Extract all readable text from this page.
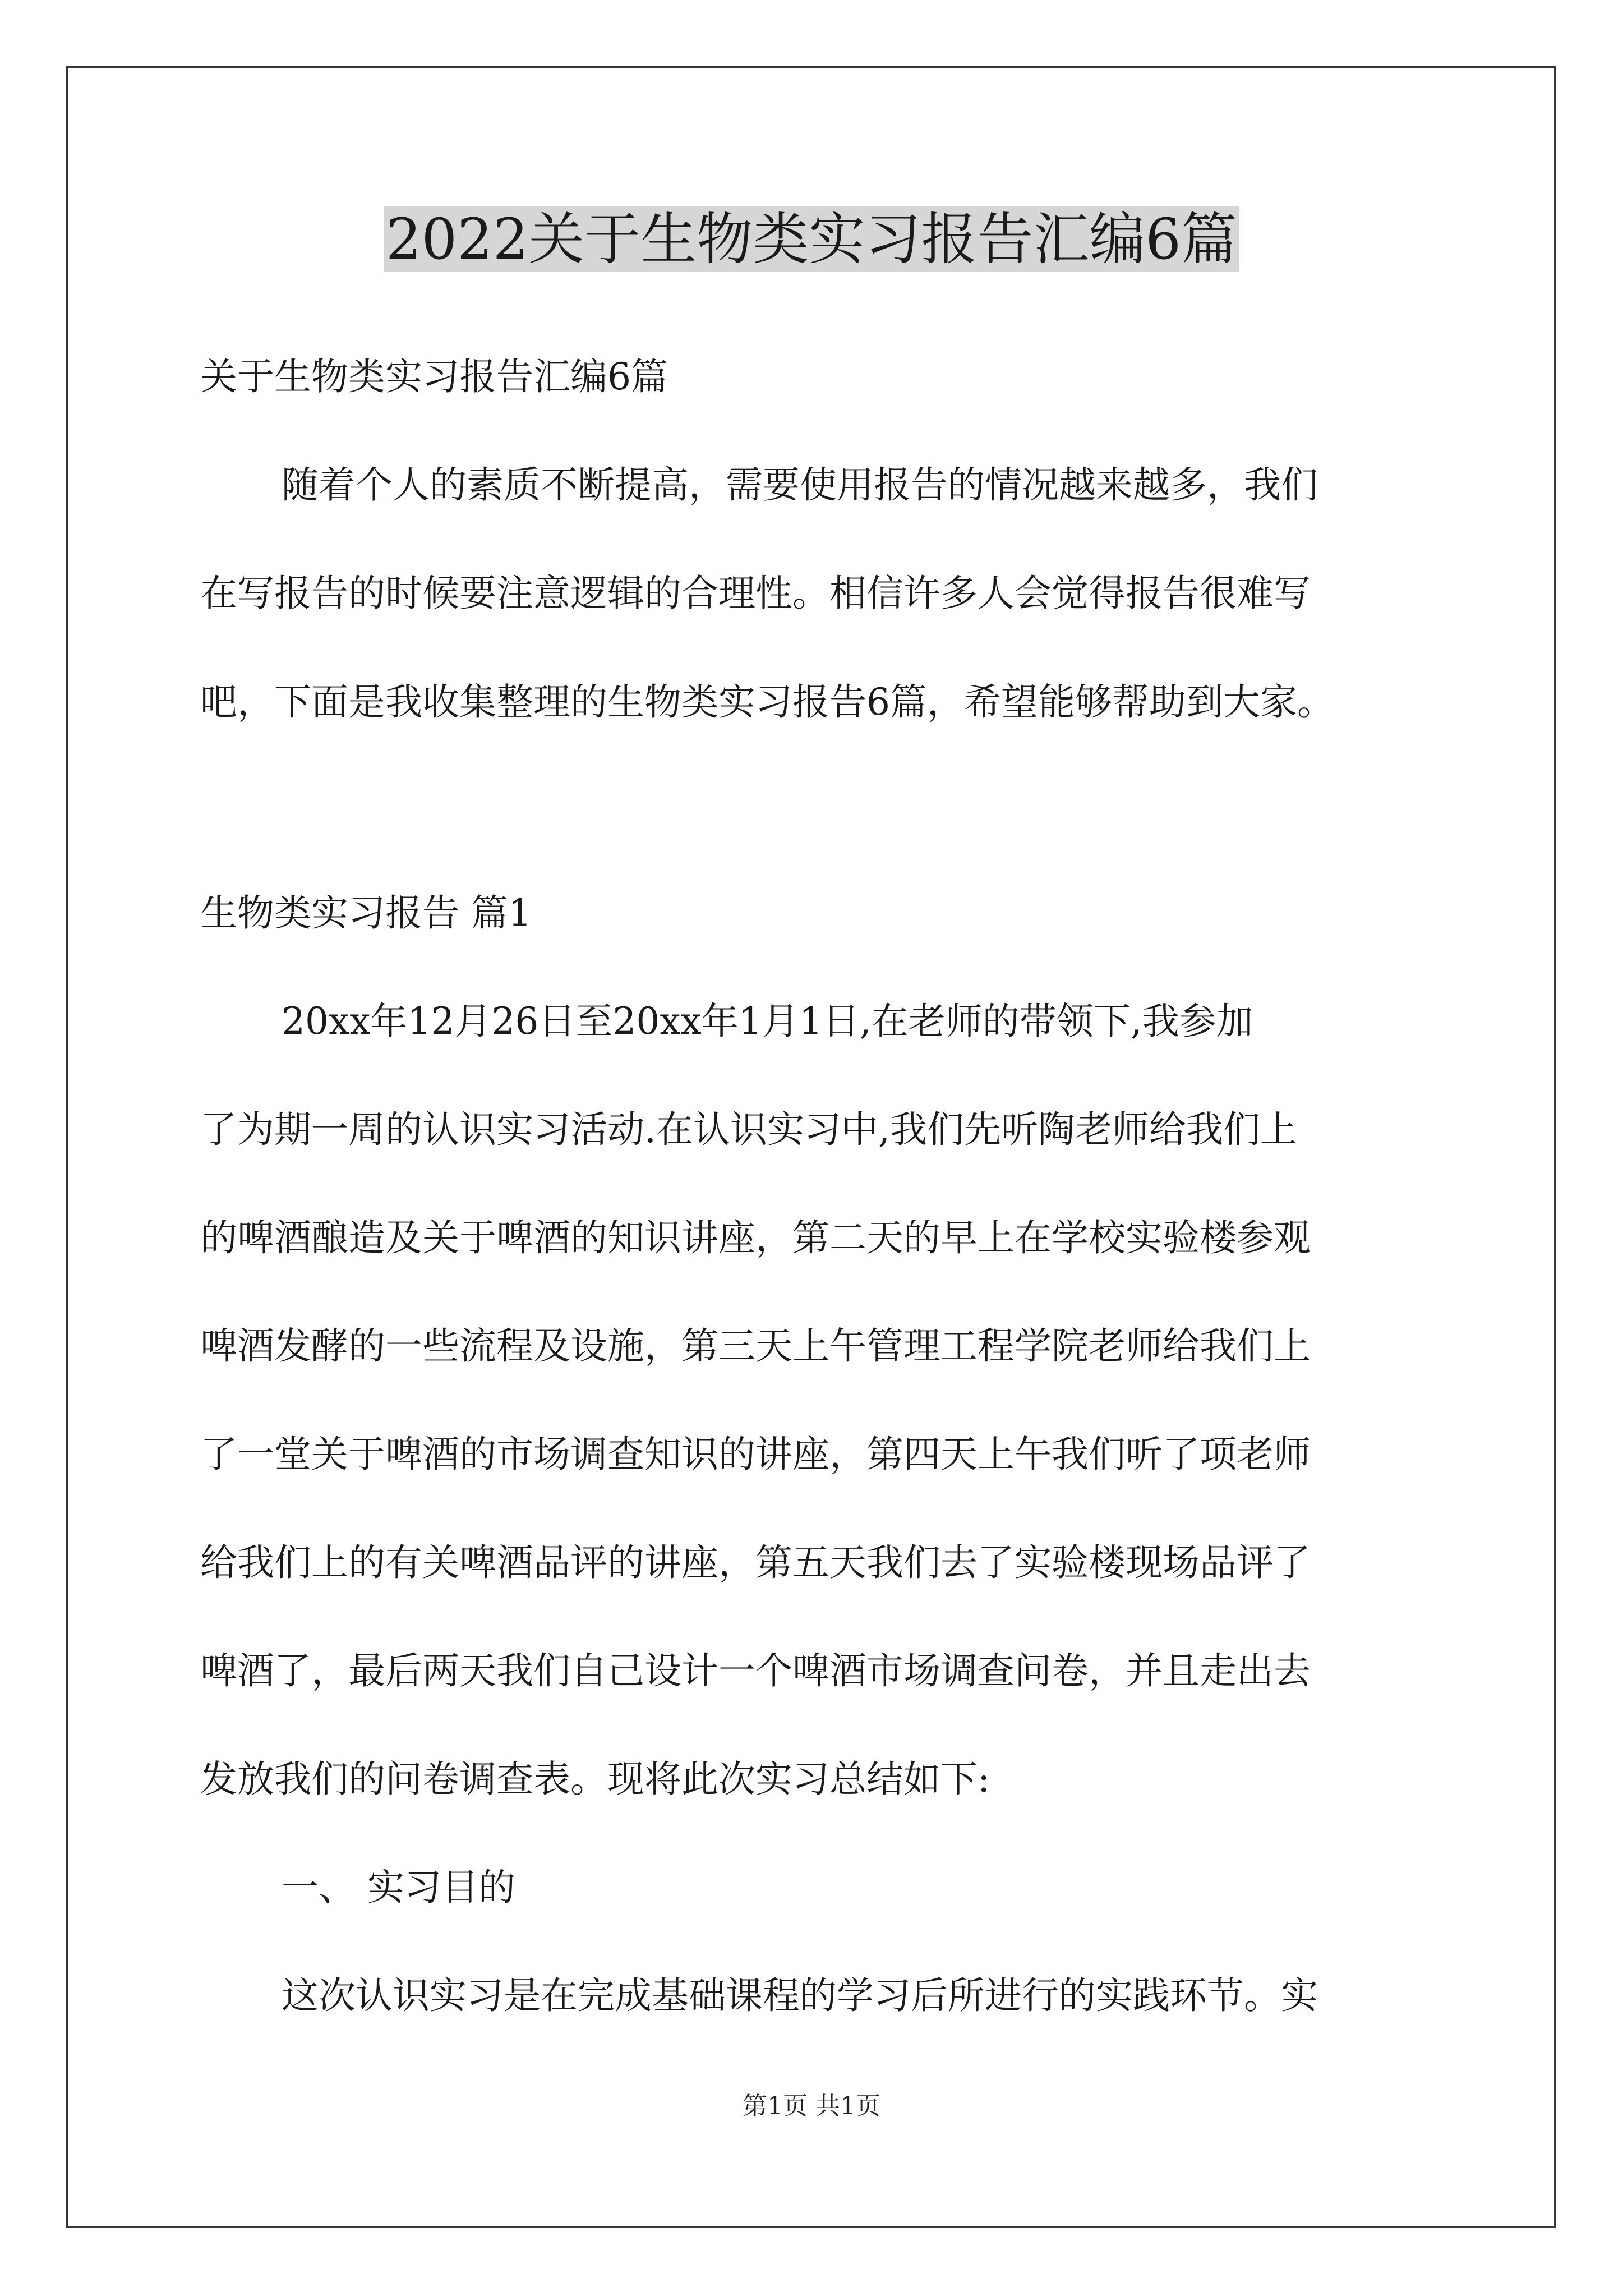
2022关于生物类实习报告汇编6篇

关于生物类实习报告汇编6篇

随着个人的素质不断提高，需要使用报告的情况越来越多，我们

在写报告的时候要注意逻辑的合理性。相信许多人会觉得报告很难写

吧，下面是我收集整理的生物类实习报告6篇，希望能够帮助到大家。

生物类实习报告 篇1

20xx年12月26日至20xx年1月1日,在老师的带领下,我参加

了为期一周的认识实习活动.在认识实习中,我们先听陶老师给我们上

的啤酒酿造及关于啤酒的知识讲座，第二天的早上在学校实验楼参观

啤酒发酵的一些流程及设施，第三天上午管理工程学院老师给我们上

了一堂关于啤酒的市场调查知识的讲座，第四天上午我们听了项老师

给我们上的有关啤酒品评的讲座，第五天我们去了实验楼现场品评了

啤酒了，最后两天我们自己设计一个啤酒市场调查问卷，并且走出去

发放我们的问卷调查表。现将此次实习总结如下:

一、 实习目的

这次认识实习是在完成基础课程的学习后所进行的实践环节。实

第1页 共1页
